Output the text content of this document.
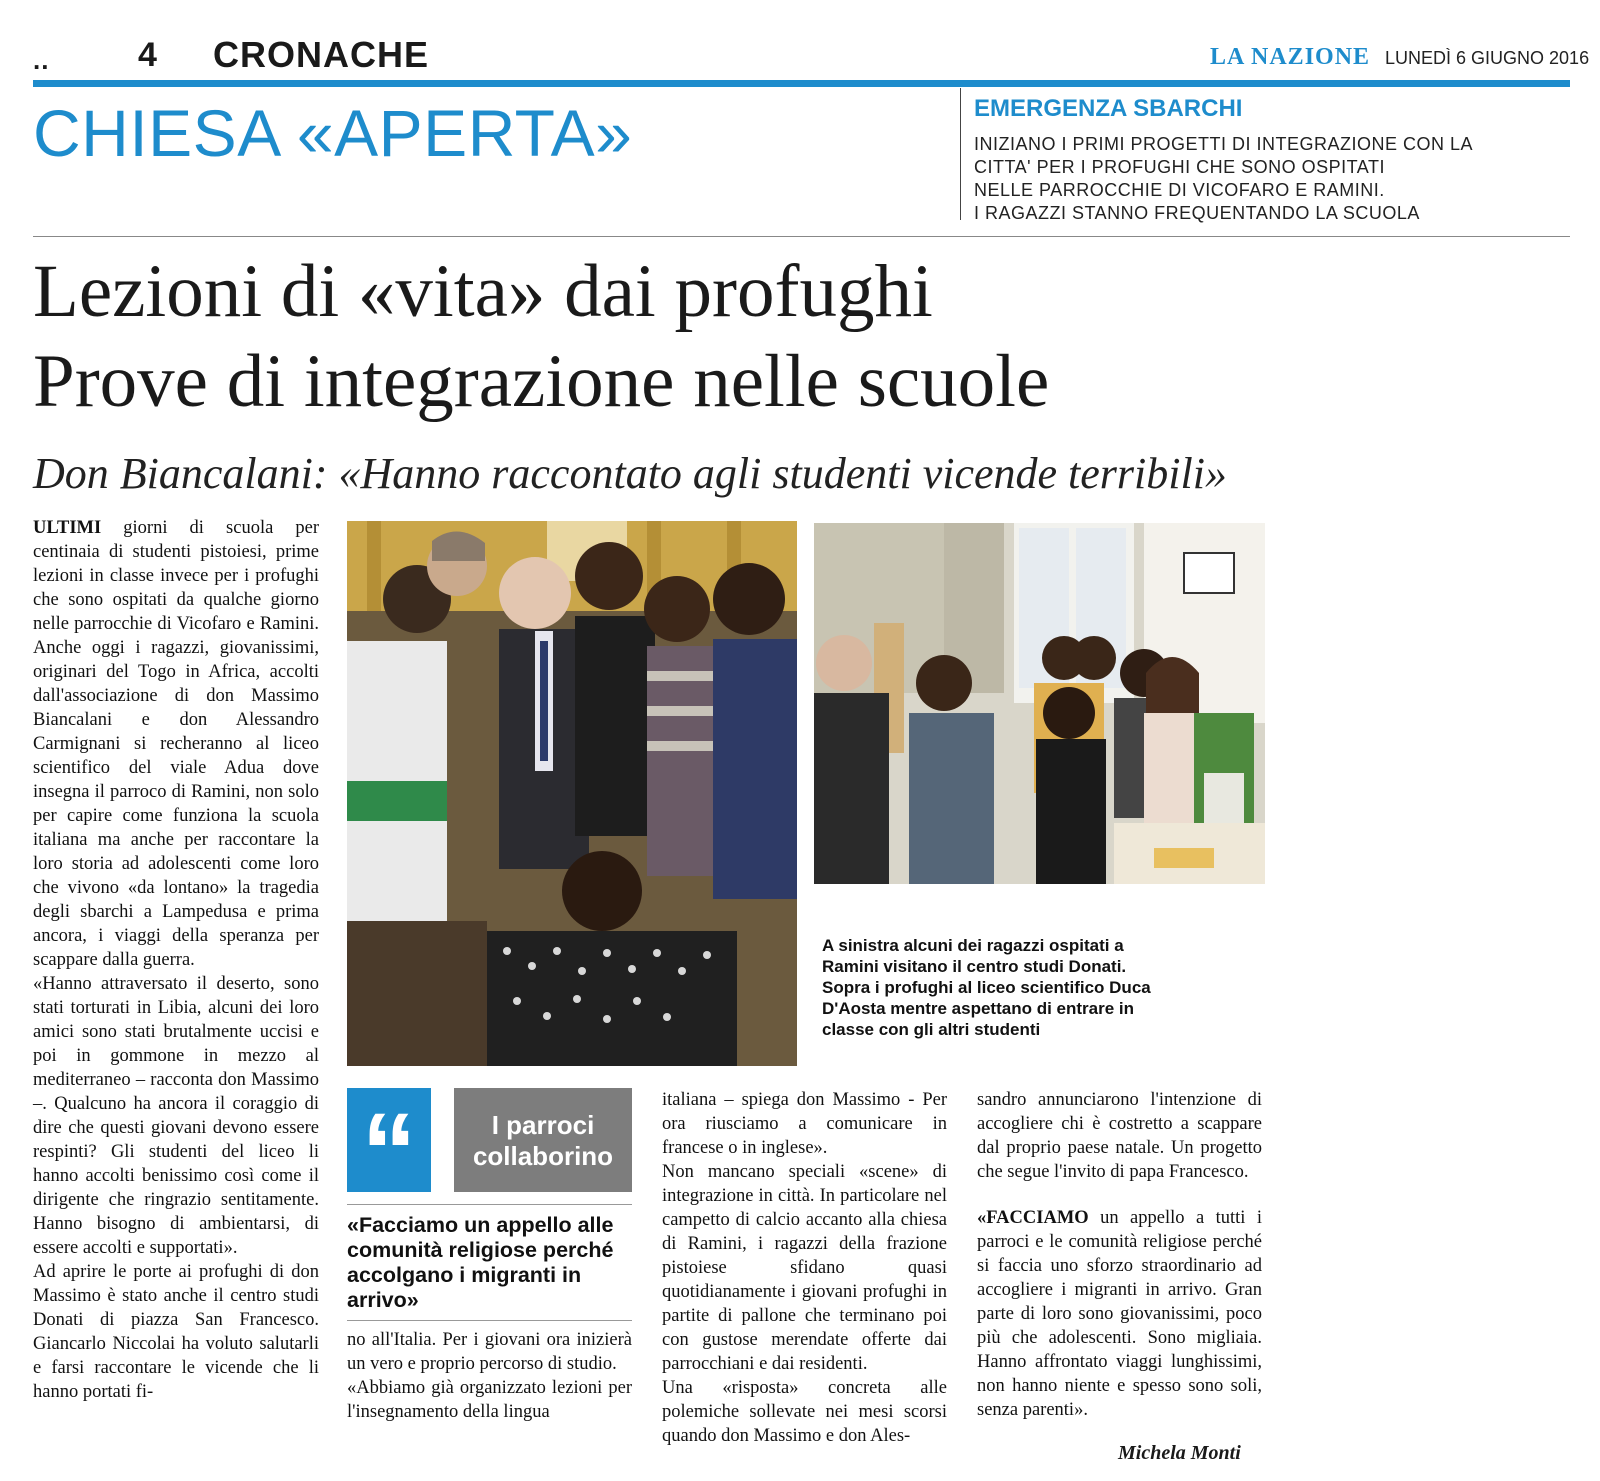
..	4 CRONACHE	LA NAZIONE LUNEDÌ 6 GIUGNO 2016
CHIESA «APERTA»	EMERGENZA SBARCHI
INIZIANO I PRIMI PROGETTI DI INTEGRAZIONE CON LA
CITTA' PER I PROFUGHI CHE SONO OSPITATI
NELLE PARROCCHIE DI VICOFARO E RAMINI.
I RAGAZZI STANNO FREQUENTANDO LA SCUOLA
Lezioni di «vita» dai profughi
Prove di integrazione nelle scuole
Don Biancalani: «Hanno raccontato agli studenti vicende terribili»

ULTIMI giorni di scuola per centinaia di studenti pistoiesi, prime lezioni in classe invece per i profughi che sono ospitati da qualche giorno nelle parrocchie di Vicofaro e Ramini. Anche oggi i ragazzi, giovanissimi, originari del Togo in Africa, accolti dall'associazione di don Massimo Biancalani e don Alessandro Carmignani si recheranno al liceo scientifico del viale Adua dove insegna il parroco di Ramini, non solo per capire come funziona la scuola italiana ma anche per raccontare la loro storia ad adolescenti come loro che vivono «da lontano» la tragedia degli sbarchi a Lampedusa e prima ancora, i viaggi della speranza per scappare dalla guerra.

«Hanno attraversato il deserto, sono stati torturati in Libia, alcuni dei loro amici sono stati brutalmente uccisi e poi in gommone in mezzo al mediterraneo – racconta don Massimo –. Qualcuno ha ancora il coraggio di dire che questi giovani devono essere respinti? Gli studenti del liceo li hanno accolti benissimo così come il dirigente che ringrazio sentitamente. Hanno bisogno di ambientarsi, di essere accolti e supportati».

Ad aprire le porte ai profughi di don Massimo è stato anche il centro studi Donati di piazza San Francesco. Giancarlo Niccolai ha voluto salutarli e farsi raccontare le vicende che li hanno portati fi-

A sinistra alcuni dei ragazzi ospitati a Ramini visitano il centro studi Donati. Sopra i profughi al liceo scientifico Duca D'Aosta mentre aspettano di entrare in classe con gli altri studenti
“	I parroci
collaborino
«Facciamo un appello alle comunità religiose perché accolgano i migranti in arrivo»

no all'Italia. Per i giovani ora inizierà un vero e proprio percorso di studio.

«Abbiamo già organizzato lezioni per l'insegnamento della lingua

italiana – spiega don Massimo - Per ora riusciamo a comunicare in francese o in inglese».

Non mancano speciali «scene» di integrazione in città. In particolare nel campetto di calcio accanto alla chiesa di Ramini, i ragazzi della frazione pistoiese sfidano quasi quotidianamente i giovani profughi in partite di pallone che terminano poi con gustose merendate offerte dai parrocchiani e dai residenti.

Una «risposta» concreta alle polemiche sollevate nei mesi scorsi quando don Massimo e don Ales-

sandro annunciarono l'intenzione di accogliere chi è costretto a scappare dal proprio paese natale. Un progetto che segue l'invito di papa Francesco.

«FACCIAMO un appello a tutti i parroci e le comunità religiose perché si faccia uno sforzo straordinario ad accogliere i migranti in arrivo. Gran parte di loro sono giovanissimi, poco più che adolescenti. Sono migliaia. Hanno affrontato viaggi lunghissimi, non hanno niente e spesso sono soli, senza parenti».

Michela Monti
